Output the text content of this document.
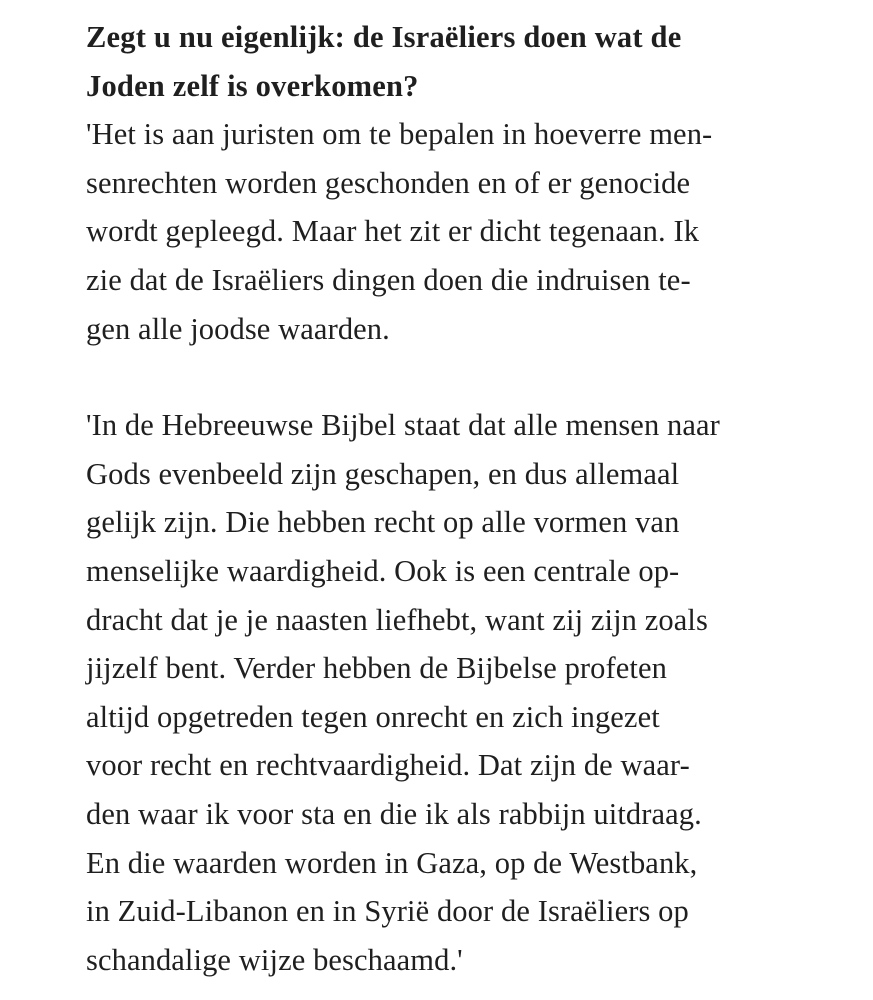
Zegt u nu eigenlijk: de Israëliers doen wat de
Joden zelf is overkomen?
'Het is aan juristen om te bepalen in hoeverre men-
senrechten worden geschonden en of er genocide
wordt gepleegd. Maar het zit er dicht tegenaan. Ik
zie dat de Israëliers dingen doen die indruisen te-
gen alle joodse waarden.
'In de Hebreeuwse Bijbel staat dat alle mensen naar
Gods evenbeeld zijn geschapen, en dus allemaal
gelijk zijn. Die hebben recht op alle vormen van
menselijke waardigheid. Ook is een centrale op-
dracht dat je je naasten liefhebt, want zij zijn zoals
jijzelf bent. Verder hebben de Bijbelse profeten
altijd opgetreden tegen onrecht en zich ingezet
voor recht en rechtvaardigheid. Dat zijn de waar-
den waar ik voor sta en die ik als rabbijn uitdraag.
En die waarden worden in Gaza, op de Westbank,
in Zuid-Libanon en in Syrië door de Israëliers op
schandalige wijze beschaamd.'
